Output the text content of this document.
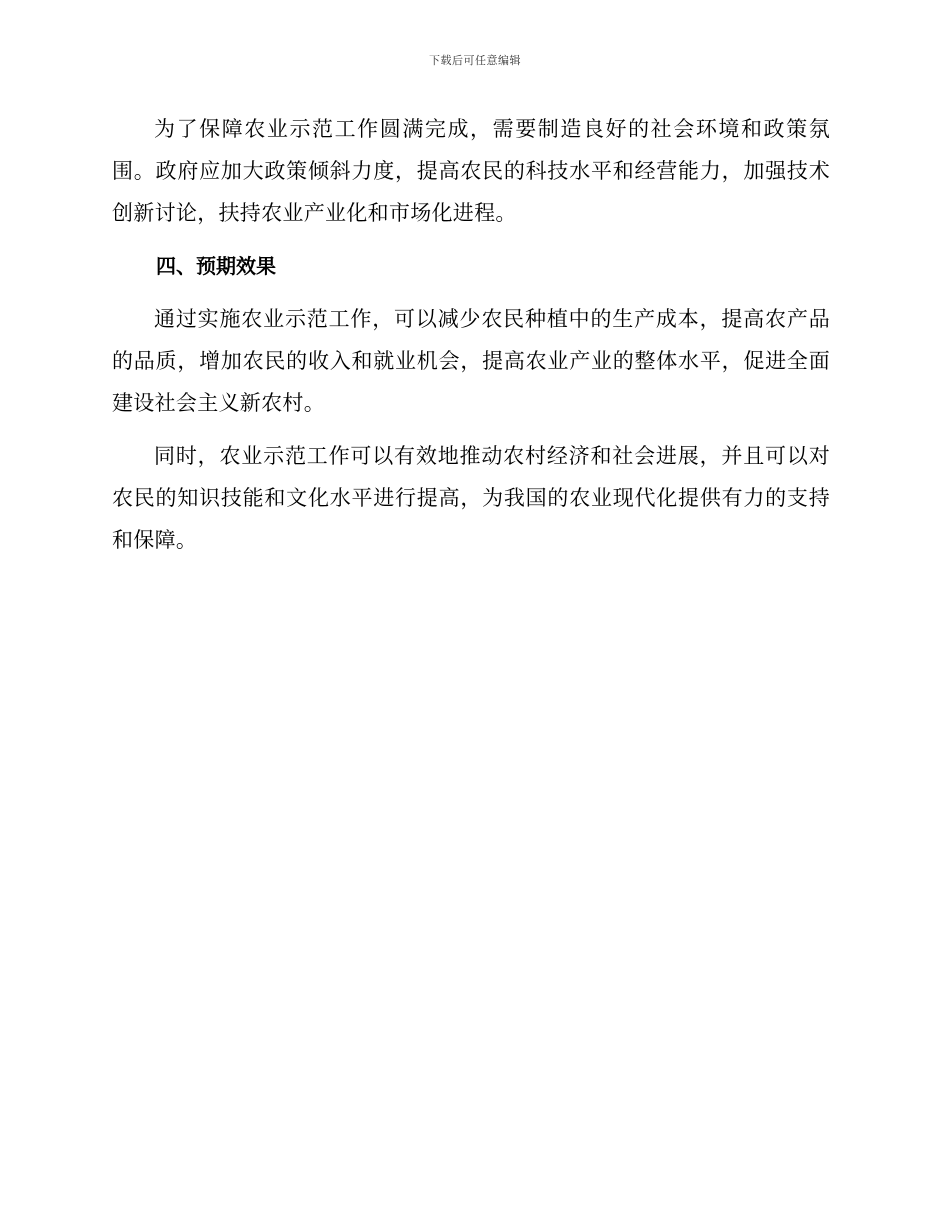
下载后可任意编辑

为了保障农业示范工作圆满完成，需要制造良好的社会环境和政策氛围。政府应加大政策倾斜力度，提高农民的科技水平和经营能力，加强技术创新讨论，扶持农业产业化和市场化进程。

四、预期效果

通过实施农业示范工作，可以减少农民种植中的生产成本，提高农产品的品质，增加农民的收入和就业机会，提高农业产业的整体水平，促进全面建设社会主义新农村。

同时，农业示范工作可以有效地推动农村经济和社会进展，并且可以对农民的知识技能和文化水平进行提高，为我国的农业现代化提供有力的支持和保障。
